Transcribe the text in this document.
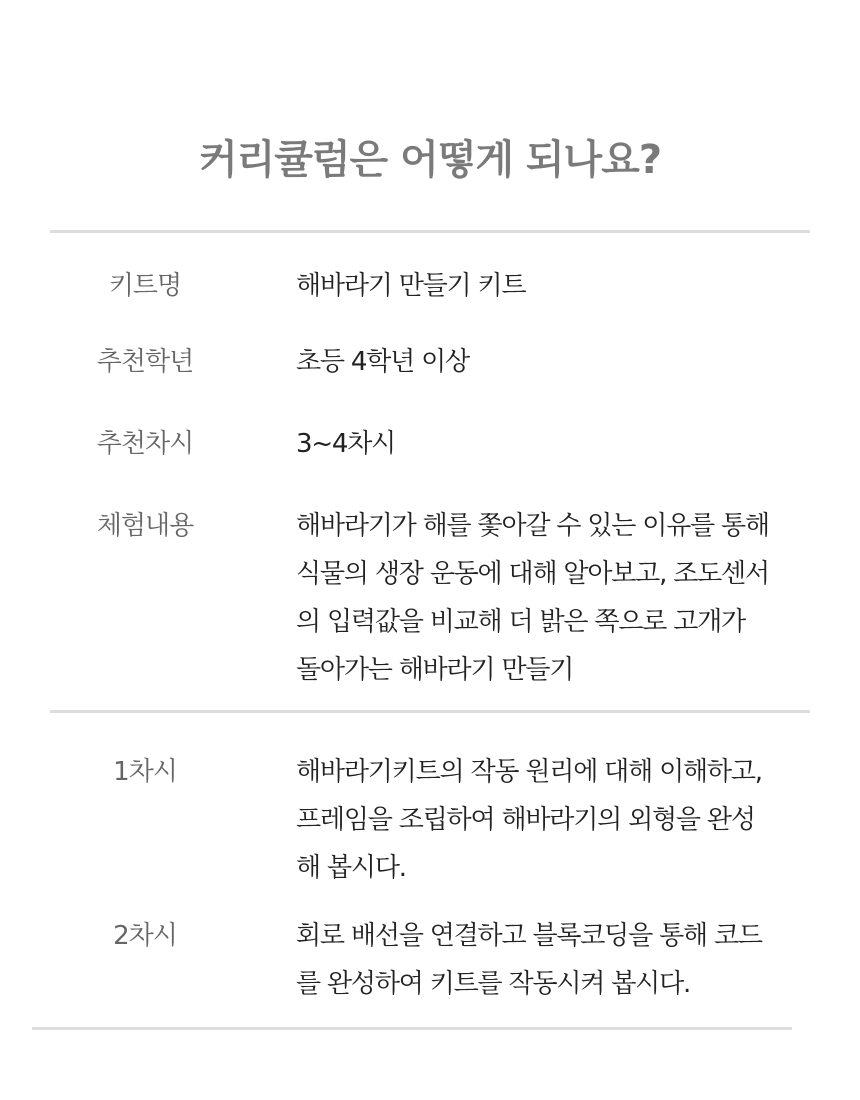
커리큘럼은 어떻게 되나요?
키트명	해바라기 만들기 키트
추천학년	초등 4학년 이상
추천차시	3~4차시
체험내용	해바라기가 해를 쫓아갈 수 있는 이유를 통해
식물의 생장 운동에 대해 알아보고, 조도센서
의 입력값을 비교해 더 밝은 쪽으로 고개가
돌아가는 해바라기 만들기
1차시	해바라기키트의 작동 원리에 대해 이해하고,
프레임을 조립하여 해바라기의 외형을 완성
해 봅시다.
2차시	회로 배선을 연결하고 블록코딩을 통해 코드
를 완성하여 키트를 작동시켜 봅시다.
